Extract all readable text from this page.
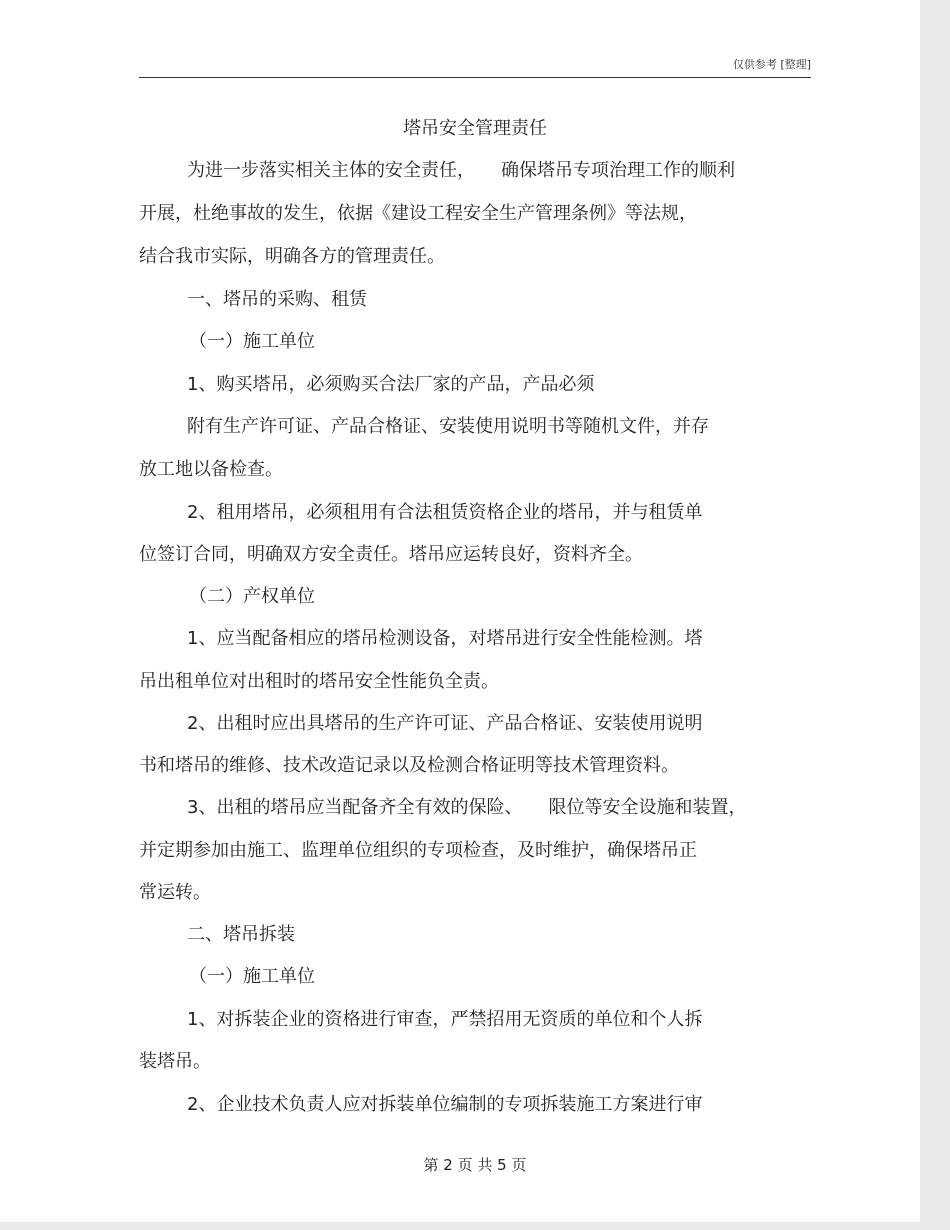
仅供参考 [整理]
塔吊安全管理责任
为进一步落实相关主体的安全责任， 确保塔吊专项治理工作的顺利
开展，杜绝事故的发生，依据《建设工程安全生产管理条例》等法规，
结合我市实际，明确各方的管理责任。
一、塔吊的采购、租赁
（一）施工单位
1、购买塔吊，必须购买合法厂家的产品，产品必须
附有生产许可证、产品合格证、安装使用说明书等随机文件，并存
放工地以备检查。
2、租用塔吊，必须租用有合法租赁资格企业的塔吊，并与租赁单
位签订合同，明确双方安全责任。塔吊应运转良好，资料齐全。
（二）产权单位
1、应当配备相应的塔吊检测设备，对塔吊进行安全性能检测。塔
吊出租单位对出租时的塔吊安全性能负全责。
2、出租时应出具塔吊的生产许可证、产品合格证、安装使用说明
书和塔吊的维修、技术改造记录以及检测合格证明等技术管理资料。
3、出租的塔吊应当配备齐全有效的保险、 限位等安全设施和装置，
并定期参加由施工、监理单位组织的专项检查，及时维护，确保塔吊正
常运转。
二、塔吊拆装
（一）施工单位
1、对拆装企业的资格进行审查，严禁招用无资质的单位和个人拆
装塔吊。
2、企业技术负责人应对拆装单位编制的专项拆装施工方案进行审
第 2 页 共 5 页
